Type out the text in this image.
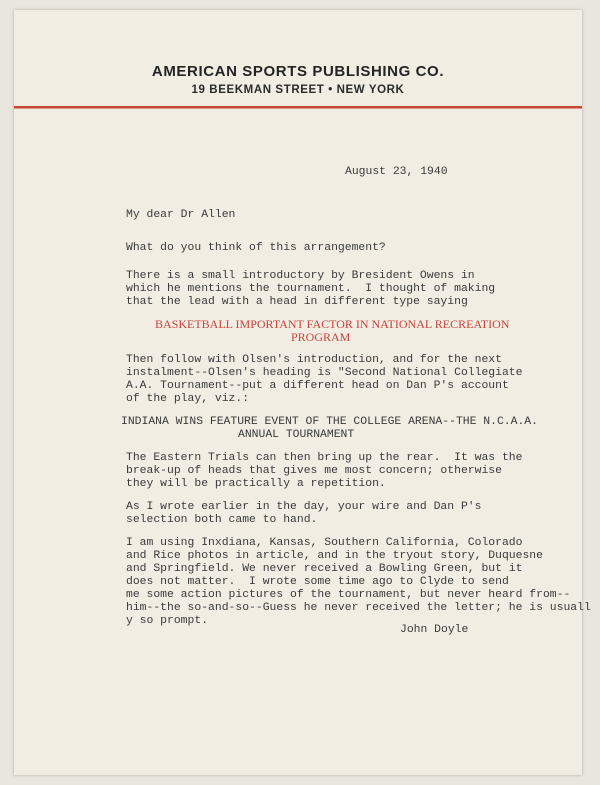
AMERICAN SPORTS PUBLISHING CO.
19 BEEKMAN STREET • NEW YORK
August 23, 1940
My dear Dr Allen
What do you think of this arrangement?
There is a small introductory by Bresident Owens in
which he mentions the tournament.  I thought of making
that the lead with a head in different type saying
BASKETBALL IMPORTANT FACTOR IN NATIONAL RECREATION
PROGRAM
Then follow with Olsen's introduction, and for the next
instalment--Olsen's heading is "Second National Collegiate
A.A. Tournament--put a different head on Dan P's account
of the play, viz.:
INDIANA WINS FEATURE EVENT OF THE COLLEGE ARENA--THE N.C.A.A.
ANNUAL TOURNAMENT
The Eastern Trials can then bring up the rear.  It was the
break-up of heads that gives me most concern; otherwise
they will be practically a repetition.
As I wrote earlier in the day, your wire and Dan P's
selection both came to hand.
I am using Inxdiana, Kansas, Southern California, Colorado
and Rice photos in article, and in the tryout story, Duquesne
and Springfield. We never received a Bowling Green, but it
does not matter.  I wrote some time ago to Clyde to send
me some action pictures of the tournament, but never heard from--
him--the so-and-so--Guess he never received the letter; he is usuall
y so prompt.
John Doyle
